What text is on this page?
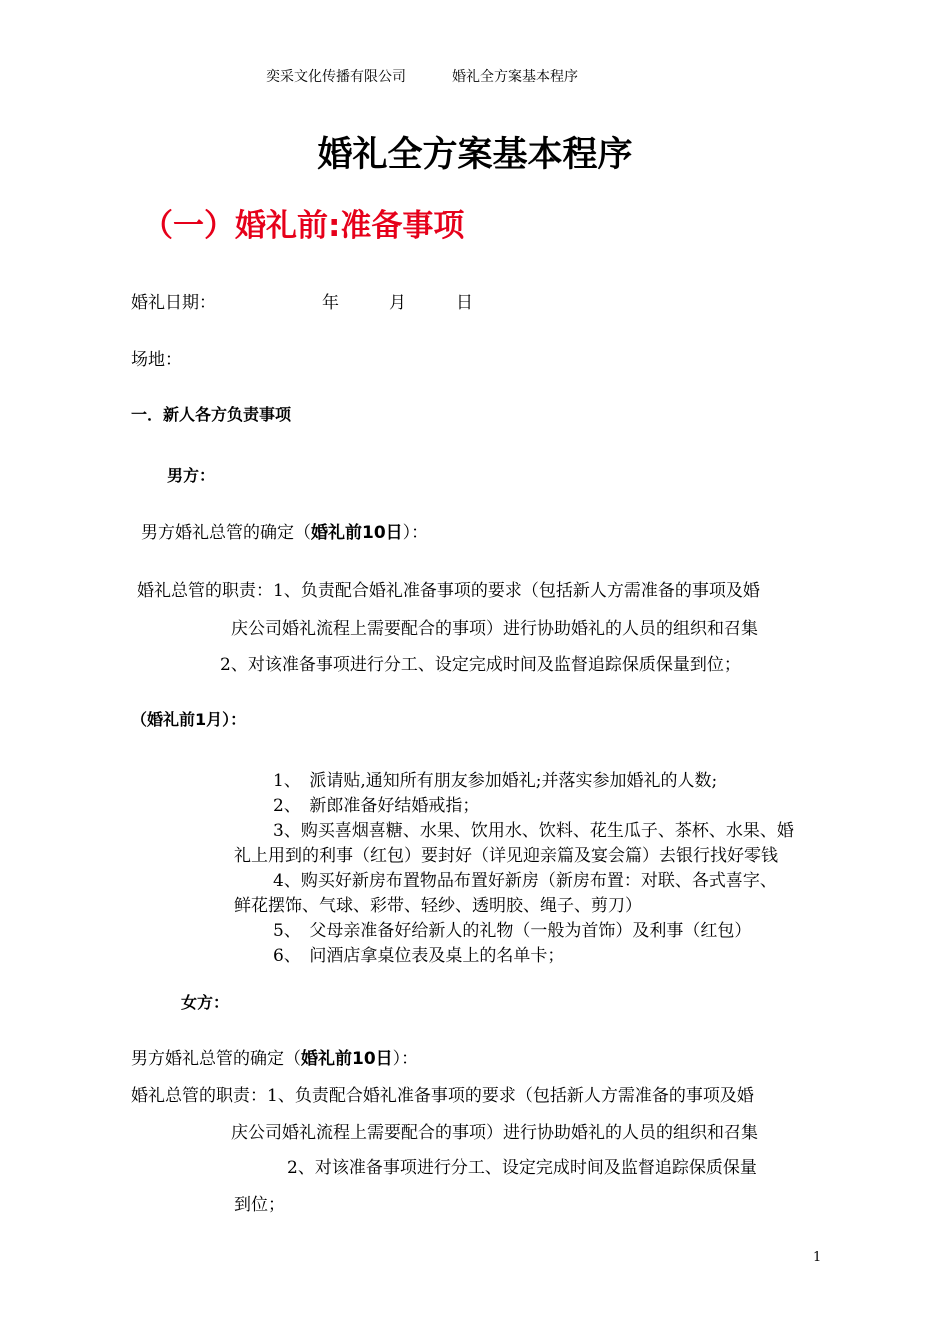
奕采文化传播有限公司	婚礼全方案基本程序
婚礼全方案基本程序
（一）婚礼前:准备事项
婚礼日期：	年	月	日
场地：
一．新人各方负责事项
男方：
男方婚礼总管的确定（婚礼前10日）：
婚礼总管的职责：1、负责配合婚礼准备事项的要求（包括新人方需准备的事项及婚
庆公司婚礼流程上需要配合的事项）进行协助婚礼的人员的组织和召集
2、对该准备事项进行分工、设定完成时间及监督追踪保质保量到位；
（婚礼前1月）：
1、　派请贴,通知所有朋友参加婚礼;并落实参加婚礼的人数;
2、　新郎准备好结婚戒指；
3、购买喜烟喜糖、水果、饮用水、饮料、花生瓜子、茶杯、水果、婚
礼上用到的利事（红包）要封好（详见迎亲篇及宴会篇）去银行找好零钱
4、购买好新房布置物品布置好新房（新房布置：对联、各式喜字、
鲜花摆饰、气球、彩带、轻纱、透明胶、绳子、剪刀）
5、　父母亲准备好给新人的礼物（一般为首饰）及利事（红包）
6、　问酒店拿桌位表及桌上的名单卡；
女方：
男方婚礼总管的确定（婚礼前10日）：
婚礼总管的职责：1、负责配合婚礼准备事项的要求（包括新人方需准备的事项及婚
庆公司婚礼流程上需要配合的事项）进行协助婚礼的人员的组织和召集
2、对该准备事项进行分工、设定完成时间及监督追踪保质保量
到位；
1
